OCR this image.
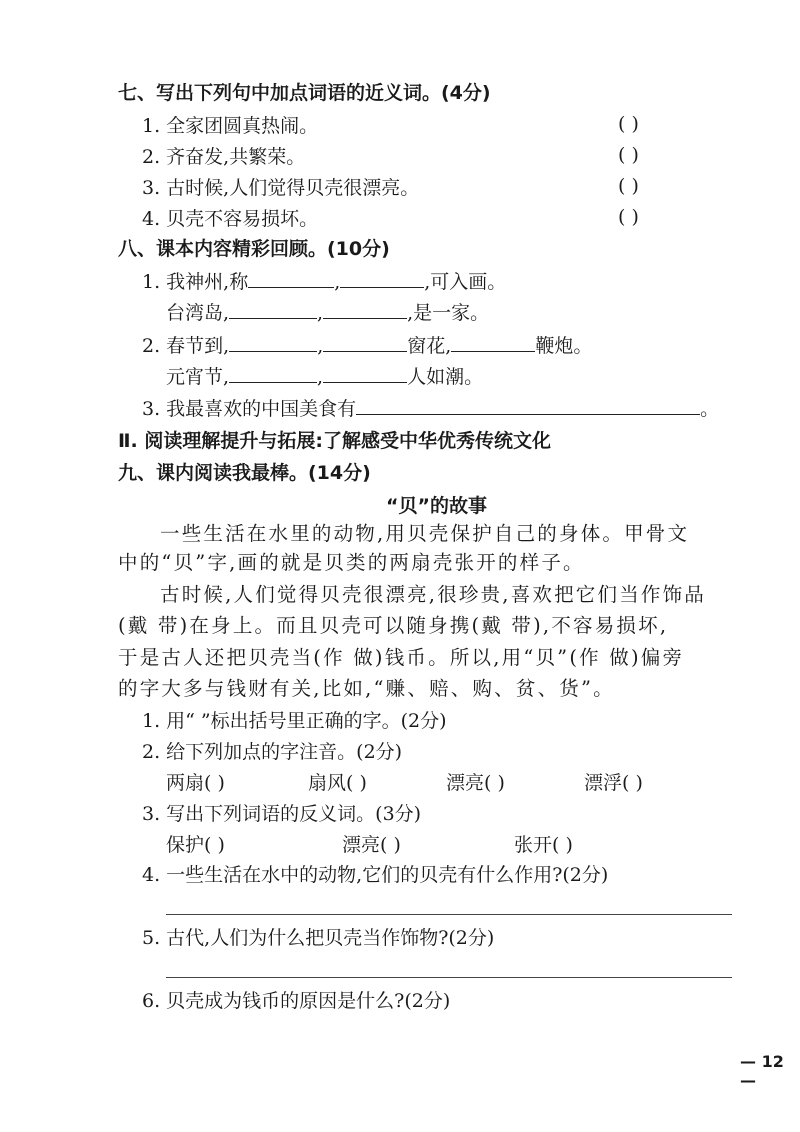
七、写出下列句中加点词语的近义词。(4分)
1. 全家团圆真热闹。	( )
2. 齐奋发,共繁荣。	( )
3. 古时候,人们觉得贝壳很漂亮。	( )
4. 贝壳不容易损坏。	( )
八、课本内容精彩回顾。(10分)
1. 我神州,称	,	,可入画。
台湾岛,	,	,是一家。
2. 春节到,	,	窗花,	鞭炮。
元宵节,	,	人如潮。
3. 我最喜欢的中国美食有	。
Ⅱ. 阅读理解提升与拓展:了解感受中华优秀传统文化
九、课内阅读我最棒。(14分)
“贝”的故事
一些生活在水里的动物,用贝壳保护自己的身体。甲骨文
中的“贝”字,画的就是贝类的两扇壳张开的样子。
古时候,人们觉得贝壳很漂亮,很珍贵,喜欢把它们当作饰品
(戴 带)在身上。而且贝壳可以随身携(戴 带),不容易损坏,
于是古人还把贝壳当(作 做)钱币。所以,用“贝”(作 做)偏旁
的字大多与钱财有关,比如,“赚、赔、购、贫、货”。
1. 用“ ”标出括号里正确的字。(2分)
2. 给下列加点的字注音。(2分)
两扇( )	扇风( )	漂亮( )	漂浮( )
3. 写出下列词语的反义词。(3分)
保护( )	漂亮( )	张开( )
4. 一些生活在水中的动物,它们的贝壳有什么作用?(2分)
5. 古代,人们为什么把贝壳当作饰物?(2分)
6. 贝壳成为钱币的原因是什么?(2分)
— 12 —
